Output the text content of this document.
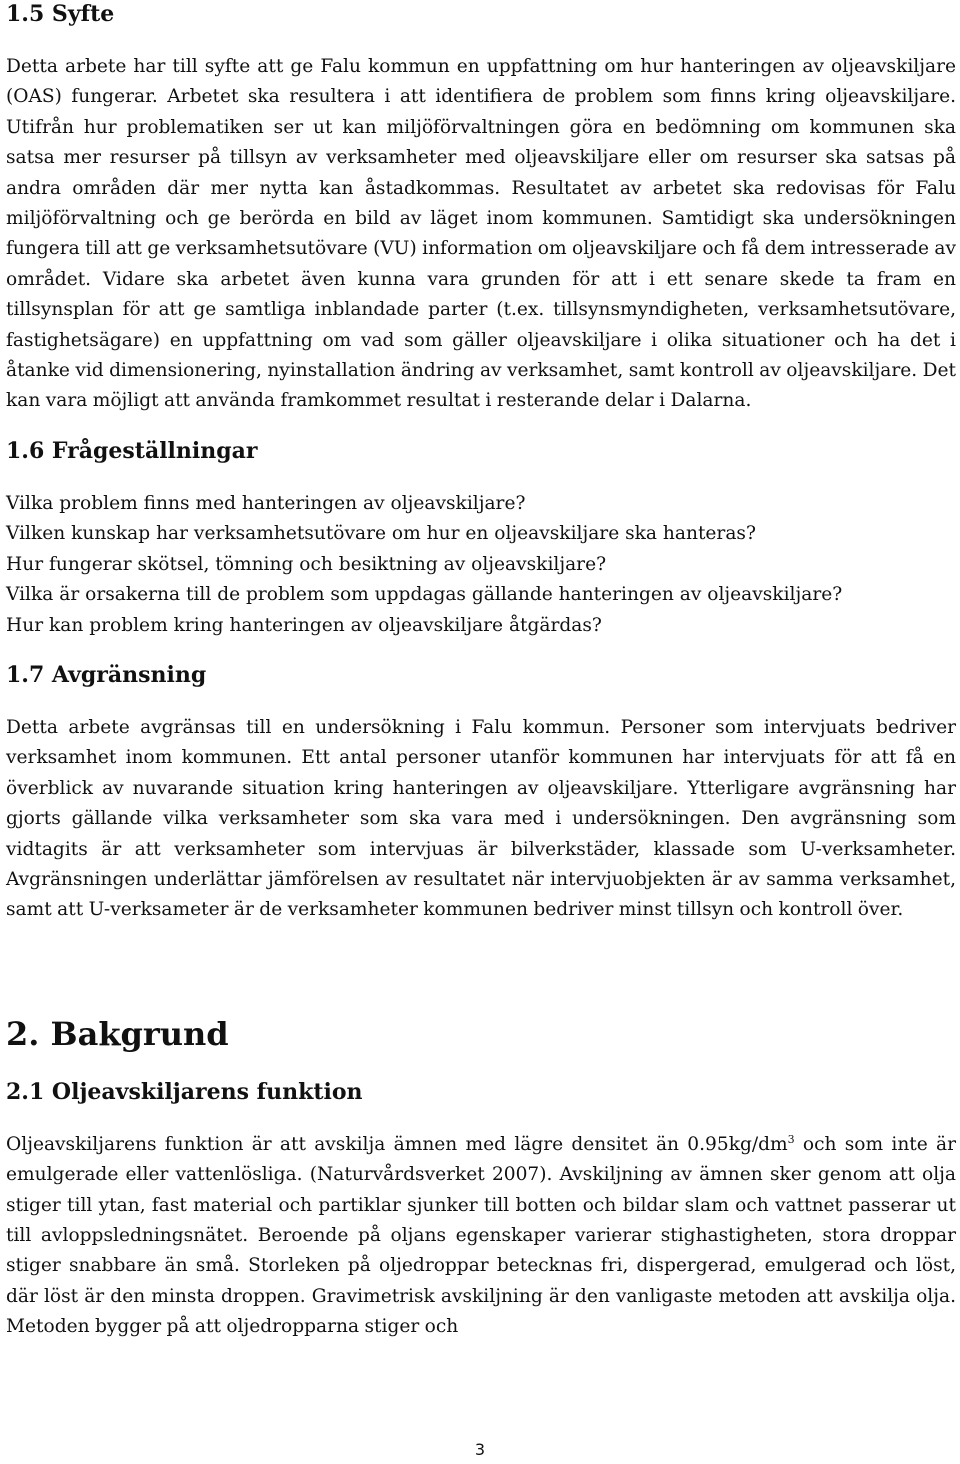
1.5 Syfte

Detta arbete har till syfte att ge Falu kommun en uppfattning om hur hanteringen av oljeavskiljare (OAS) fungerar. Arbetet ska resultera i att identifiera de problem som finns kring oljeavskiljare. Utifrån hur problematiken ser ut kan miljöförvaltningen göra en bedömning om kommunen ska satsa mer resurser på tillsyn av verksamheter med oljeavskiljare eller om resurser ska satsas på andra områden där mer nytta kan åstadkommas. Resultatet av arbetet ska redovisas för Falu miljöförvaltning och ge berörda en bild av läget inom kommunen. Samtidigt ska undersökningen fungera till att ge verksamhetsutövare (VU) information om oljeavskiljare och få dem intresserade av området. Vidare ska arbetet även kunna vara grunden för att i ett senare skede ta fram en tillsynsplan för att ge samtliga inblandade parter (t.ex. tillsynsmyndigheten, verksamhetsutövare, fastighetsägare) en uppfattning om vad som gäller oljeavskiljare i olika situationer och ha det i åtanke vid dimensionering, nyinstallation ändring av verksamhet, samt kontroll av oljeavskiljare. Det kan vara möjligt att använda framkommet resultat i resterande delar i Dalarna.

1.6 Frågeställningar
Vilka problem finns med hanteringen av oljeavskiljare?
Vilken kunskap har verksamhetsutövare om hur en oljeavskiljare ska hanteras?
Hur fungerar skötsel, tömning och besiktning av oljeavskiljare?
Vilka är orsakerna till de problem som uppdagas gällande hanteringen av oljeavskiljare?
Hur kan problem kring hanteringen av oljeavskiljare åtgärdas?
1.7 Avgränsning

Detta arbete avgränsas till en undersökning i Falu kommun. Personer som intervjuats bedriver verksamhet inom kommunen. Ett antal personer utanför kommunen har intervjuats för att få en överblick av nuvarande situation kring hanteringen av oljeavskiljare. Ytterligare avgränsning har gjorts gällande vilka verksamheter som ska vara med i undersökningen. Den avgränsning som vidtagits är att verksamheter som intervjuas är bilverkstäder, klassade som U-verksamheter. Avgränsningen underlättar jämförelsen av resultatet när intervjuobjekten är av samma verksamhet, samt att U-verksameter är de verksamheter kommunen bedriver minst tillsyn och kontroll över.

2. Bakgrund
2.1 Oljeavskiljarens funktion

Oljeavskiljarens funktion är att avskilja ämnen med lägre densitet än $0.95kg/dm^3$ och som inte är emulgerade eller vattenlösliga. (Naturvårdsverket 2007). Avskiljning av ämnen sker genom att olja stiger till ytan, fast material och partiklar sjunker till botten och bildar slam och vattnet passerar ut till avloppsledningsnätet. Beroende på oljans egenskaper varierar stighastigheten, stora droppar stiger snabbare än små. Storleken på oljedroppar betecknas fri, dispergerad, emulgerad och löst, där löst är den minsta droppen. Gravimetrisk avskiljning är den vanligaste metoden att avskilja olja. Metoden bygger på att oljedropparna stiger och

3
